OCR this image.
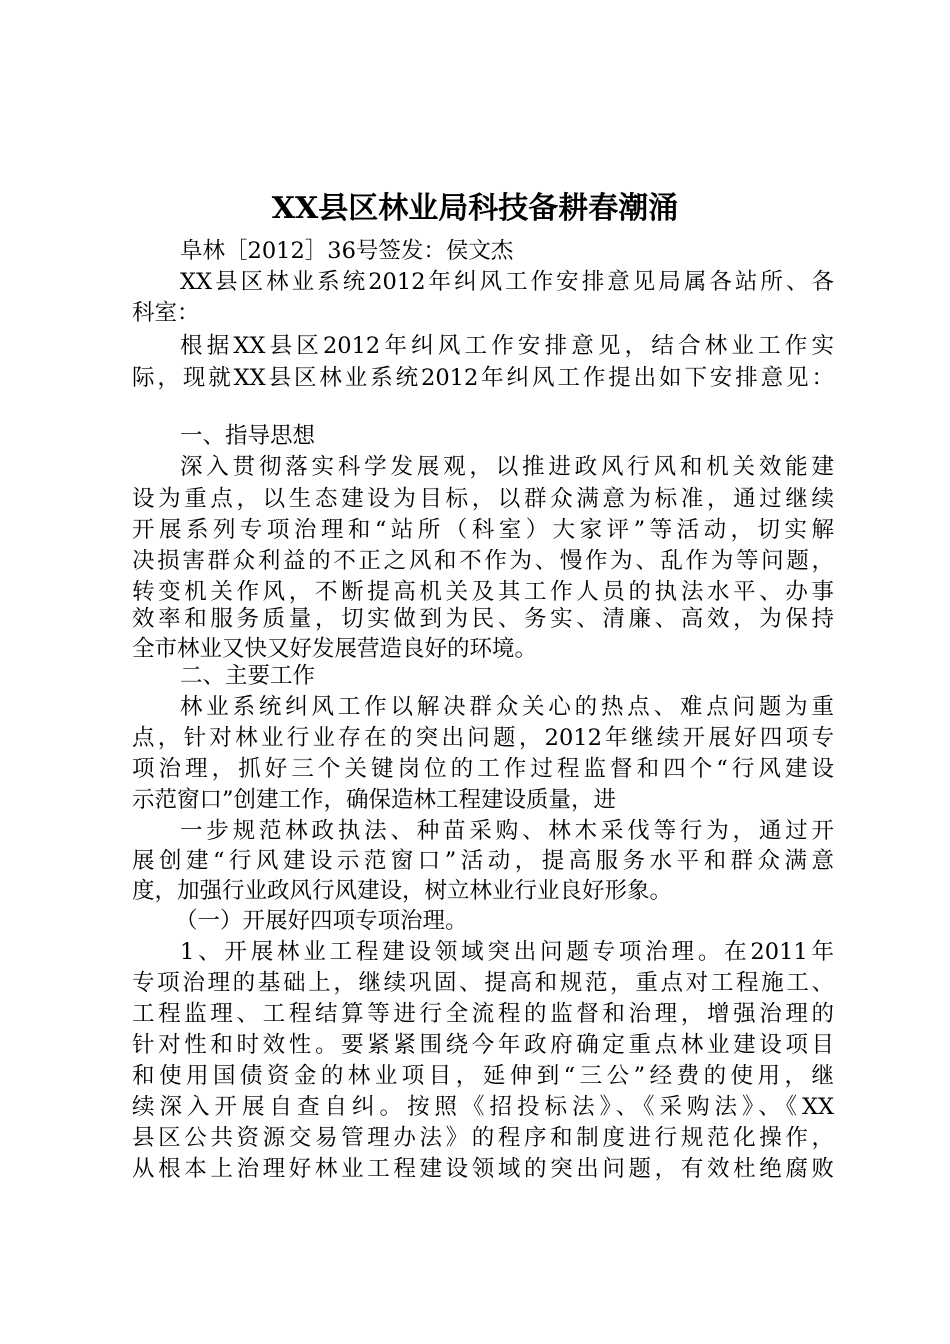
XX县区林业局科技备耕春潮涌
阜林［2012］36号签发：侯文杰
XX县区林业系统2012年纠风工作安排意见局属各站所、各
科室：
根据XX县区2012年纠风工作安排意见，结合林业工作实
际，现就XX县区林业系统2012年纠风工作提出如下安排意见：
一、指导思想
深入贯彻落实科学发展观，以推进政风行风和机关效能建
设为重点，以生态建设为目标，以群众满意为标准，通过继续
开展系列专项治理和“站所（科室）大家评”等活动，切实解
决损害群众利益的不正之风和不作为、慢作为、乱作为等问题，
转变机关作风，不断提高机关及其工作人员的执法水平、办事
效率和服务质量，切实做到为民、务实、清廉、高效，为保持
全市林业又快又好发展营造良好的环境。
二、主要工作
林业系统纠风工作以解决群众关心的热点、难点问题为重
点，针对林业行业存在的突出问题，2012年继续开展好四项专
项治理，抓好三个关键岗位的工作过程监督和四个“行风建设
示范窗口”创建工作，确保造林工程建设质量，进
一步规范林政执法、种苗采购、林木采伐等行为，通过开
展创建“行风建设示范窗口”活动，提高服务水平和群众满意
度，加强行业政风行风建设，树立林业行业良好形象。
（一）开展好四项专项治理。
1、开展林业工程建设领域突出问题专项治理。在2011年
专项治理的基础上，继续巩固、提高和规范，重点对工程施工、
工程监理、工程结算等进行全流程的监督和治理，增强治理的
针对性和时效性。要紧紧围绕今年政府确定重点林业建设项目
和使用国债资金的林业项目，延伸到“三公”经费的使用，继
续深入开展自查自纠。按照《招投标法》、《采购法》、《XX
县区公共资源交易管理办法》的程序和制度进行规范化操作，
从根本上治理好林业工程建设领域的突出问题，有效杜绝腐败
